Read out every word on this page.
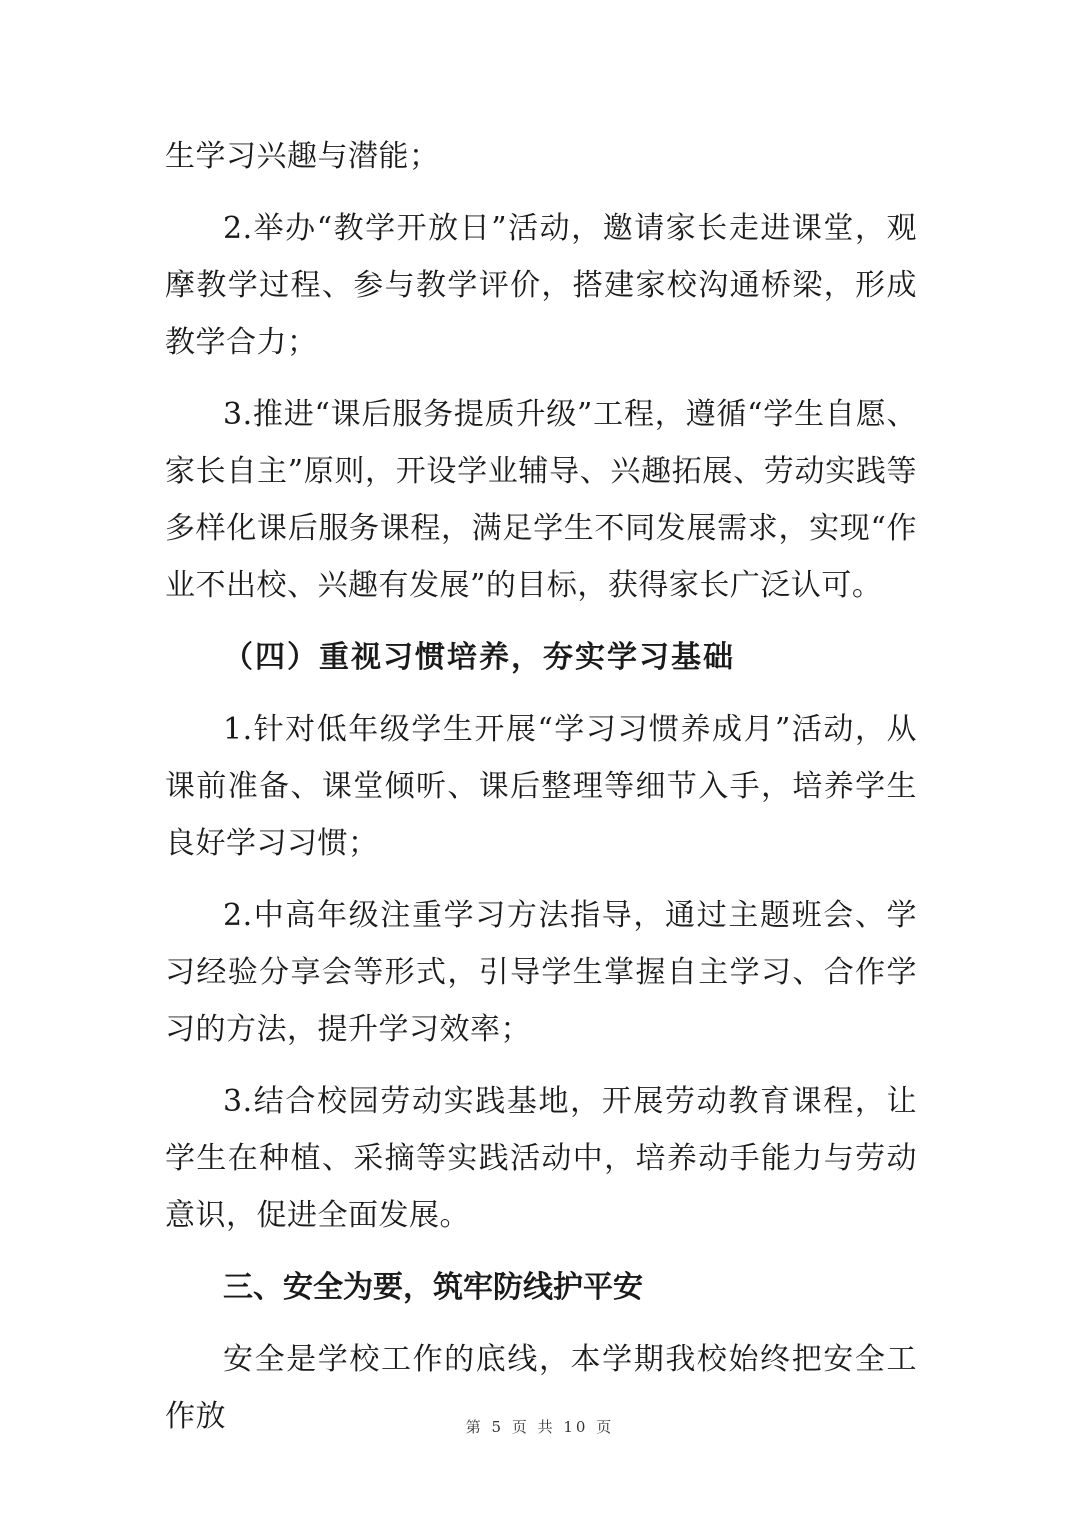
生学习兴趣与潜能；

2.举办“教学开放日”活动，邀请家长走进课堂，观摩教学过程、参与教学评价，搭建家校沟通桥梁，形成教学合力；

3.推进“课后服务提质升级”工程，遵循“学生自愿、家长自主”原则，开设学业辅导、兴趣拓展、劳动实践等多样化课后服务课程，满足学生不同发展需求，实现“作业不出校、兴趣有发展”的目标，获得家长广泛认可。

（四）重视习惯培养，夯实学习基础

1.针对低年级学生开展“学习习惯养成月”活动，从课前准备、课堂倾听、课后整理等细节入手，培养学生良好学习习惯；

2.中高年级注重学习方法指导，通过主题班会、学习经验分享会等形式，引导学生掌握自主学习、合作学习的方法，提升学习效率；

3.结合校园劳动实践基地，开展劳动教育课程，让学生在种植、采摘等实践活动中，培养动手能力与劳动意识，促进全面发展。

三、安全为要，筑牢防线护平安

安全是学校工作的底线，本学期我校始终把安全工作放	第 5 页 共 10 页
